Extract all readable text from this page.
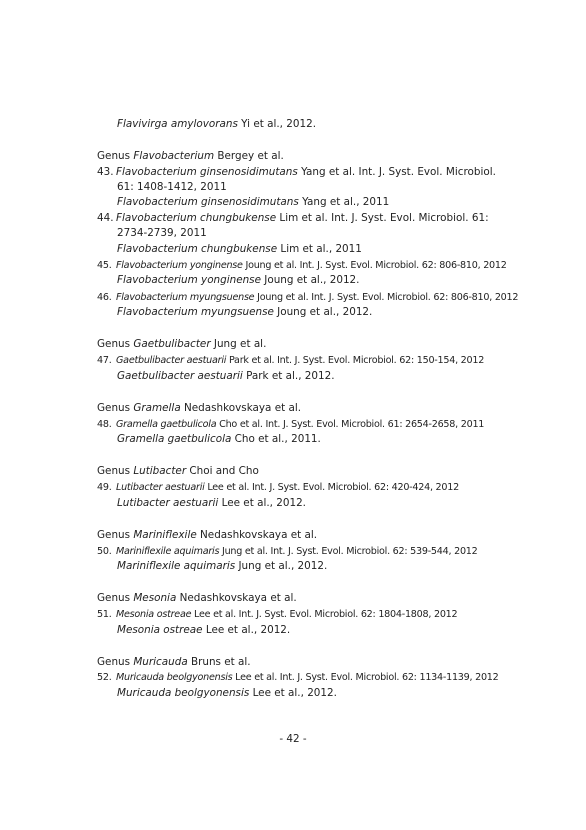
Flavivirga amylovorans Yi et al., 2012.
Genus Flavobacterium Bergey et al.
43. Flavobacterium ginsenosidimutans Yang et al. Int. J. Syst. Evol. Microbiol.
61: 1408-1412, 2011
Flavobacterium ginsenosidimutans Yang et al., 2011
44. Flavobacterium chungbukense Lim et al. Int. J. Syst. Evol. Microbiol. 61:
2734-2739, 2011
Flavobacterium chungbukense Lim et al., 2011
45. Flavobacterium yonginense Joung et al. Int. J. Syst. Evol. Microbiol. 62: 806-810, 2012
Flavobacterium yonginense Joung et al., 2012.
46. Flavobacterium myungsuense Joung et al. Int. J. Syst. Evol. Microbiol. 62: 806-810, 2012
Flavobacterium myungsuense Joung et al., 2012.
Genus Gaetbulibacter Jung et al.
47. Gaetbulibacter aestuarii Park et al. Int. J. Syst. Evol. Microbiol. 62: 150-154, 2012
Gaetbulibacter aestuarii Park et al., 2012.
Genus Gramella Nedashkovskaya et al.
48. Gramella gaetbulicola Cho et al. Int. J. Syst. Evol. Microbiol. 61: 2654-2658, 2011
Gramella gaetbulicola Cho et al., 2011.
Genus Lutibacter Choi and Cho
49. Lutibacter aestuarii Lee et al. Int. J. Syst. Evol. Microbiol. 62: 420-424, 2012
Lutibacter aestuarii Lee et al., 2012.
Genus Mariniflexile Nedashkovskaya et al.
50. Mariniflexile aquimaris Jung et al. Int. J. Syst. Evol. Microbiol. 62: 539-544, 2012
Mariniflexile aquimaris Jung et al., 2012.
Genus Mesonia Nedashkovskaya et al.
51. Mesonia ostreae Lee et al. Int. J. Syst. Evol. Microbiol. 62: 1804-1808, 2012
Mesonia ostreae Lee et al., 2012.
Genus Muricauda Bruns et al.
52. Muricauda beolgyonensis Lee et al. Int. J. Syst. Evol. Microbiol. 62: 1134-1139, 2012
Muricauda beolgyonensis Lee et al., 2012.
- 42 -
